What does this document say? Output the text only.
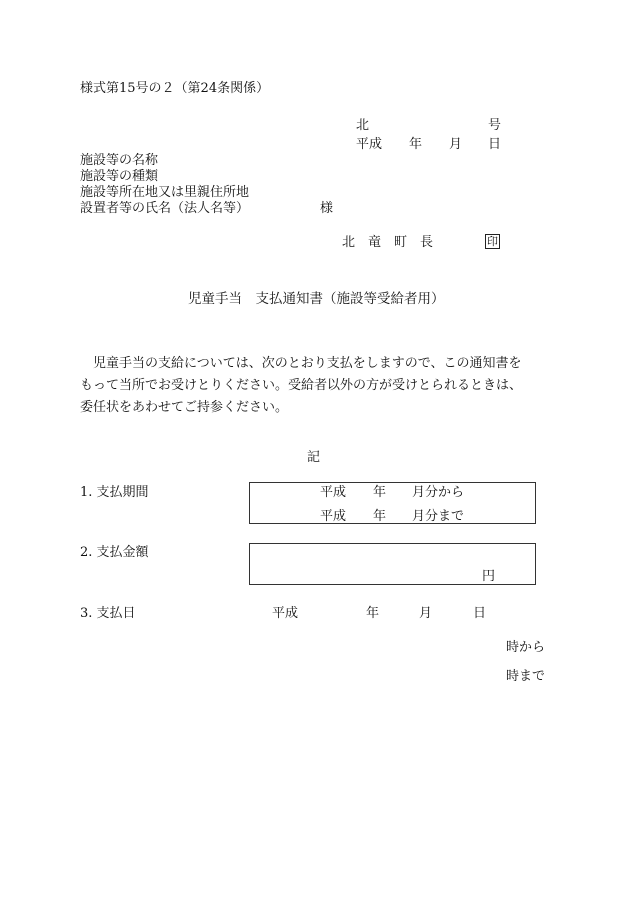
様式第15号の２（第24条関係）
北	号
平成 年 月 日
施設等の名称
施設等の種類
施設等所在地又は里親住所地
設置者等の氏名（法人名等）	様
北　竜　町　長	印
児童手当　支払通知書（施設等受給者用）
　児童手当の支給については、次のとおり支払をしますので、この通知書をもって当所でお受けとりください。受給者以外の方が受けとられるときは、委任状をあわせてご持参ください。
記
1. 支払期間	平成 年 月分から
平成 年 月分まで
2. 支払金額
円
3. 支払日	平成	年	月	日
時から
時まで
